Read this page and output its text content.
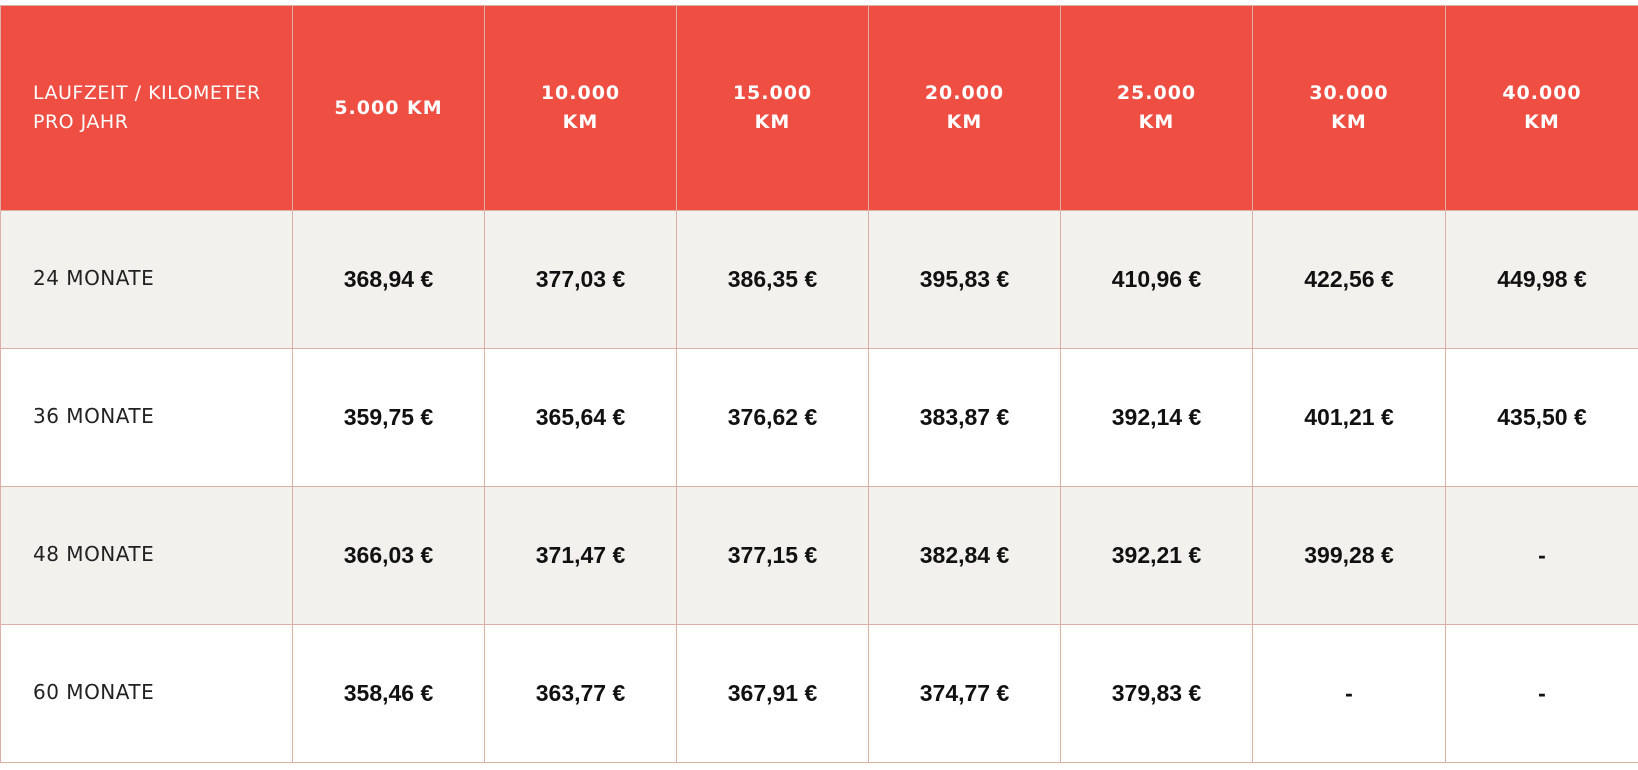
LAUFZEIT / KILOMETER PRO JAHR	5.000 KM	10.000 KM	15.000 KM	20.000 KM	25.000 KM	30.000 KM	40.000 KM
24 MONATE	368,94 €	377,03 €	386,35 €	395,83 €	410,96 €	422,56 €	449,98 €
36 MONATE	359,75 €	365,64 €	376,62 €	383,87 €	392,14 €	401,21 €	435,50 €
48 MONATE	366,03 €	371,47 €	377,15 €	382,84 €	392,21 €	399,28 €	-
60 MONATE	358,46 €	363,77 €	367,91 €	374,77 €	379,83 €	-	-
